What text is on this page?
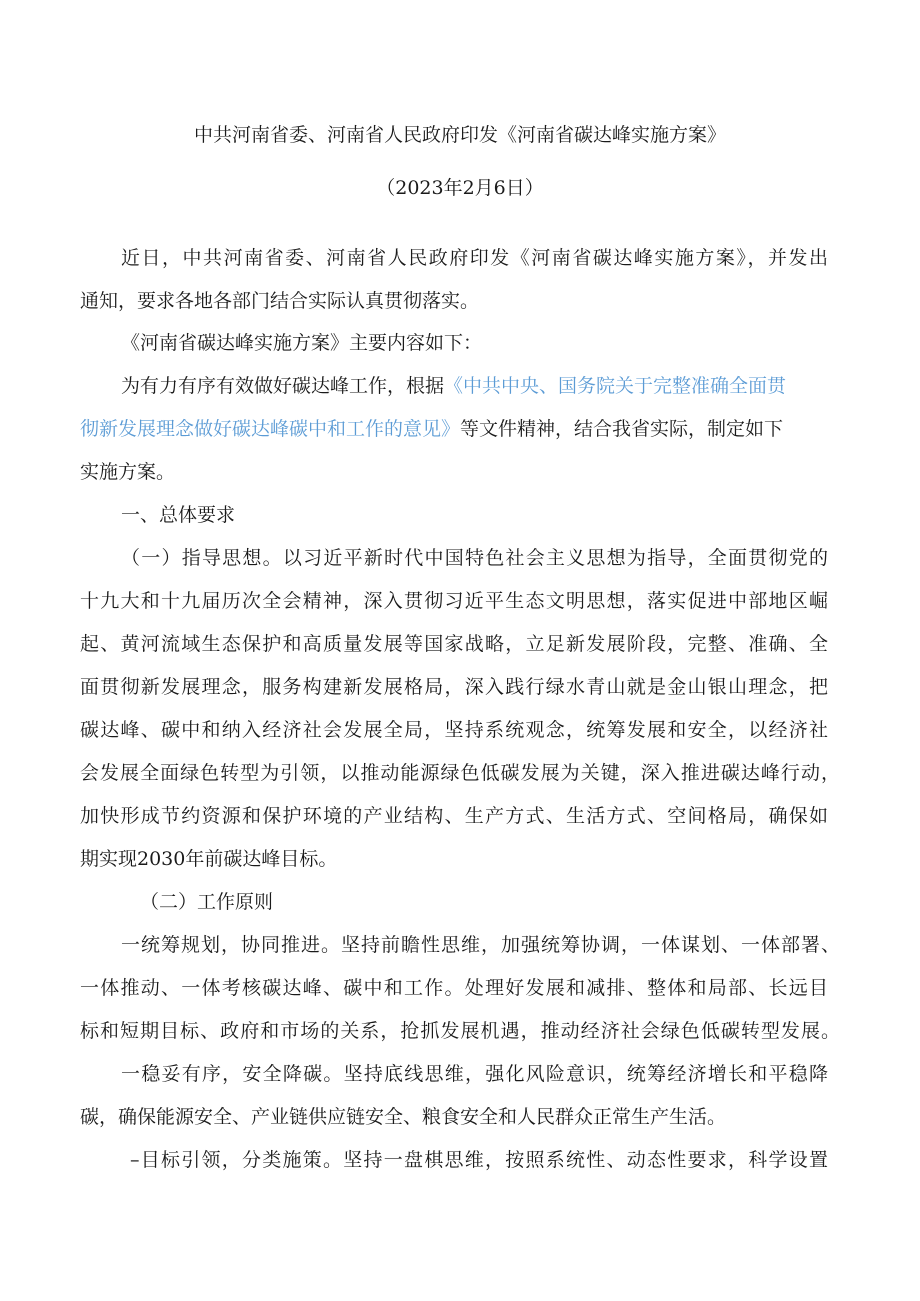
中共河南省委、河南省人民政府印发《河南省碳达峰实施方案》
（2023年2月6日）
近日，中共河南省委、河南省人民政府印发《河南省碳达峰实施方案》，并发出
通知，要求各地各部门结合实际认真贯彻落实。
《河南省碳达峰实施方案》主要内容如下：
为有力有序有效做好碳达峰工作，根据《中共中央、国务院关于完整准确全面贯
彻新发展理念做好碳达峰碳中和工作的意见》等文件精神，结合我省实际，制定如下
实施方案。
一、总体要求
（一）指导思想。以习近平新时代中国特色社会主义思想为指导，全面贯彻党的
十九大和十九届历次全会精神，深入贯彻习近平生态文明思想，落实促进中部地区崛
起、黄河流域生态保护和高质量发展等国家战略，立足新发展阶段，完整、准确、全
面贯彻新发展理念，服务构建新发展格局，深入践行绿水青山就是金山银山理念，把
碳达峰、碳中和纳入经济社会发展全局，坚持系统观念，统筹发展和安全，以经济社
会发展全面绿色转型为引领，以推动能源绿色低碳发展为关键，深入推进碳达峰行动，
加快形成节约资源和保护环境的产业结构、生产方式、生活方式、空间格局，确保如
期实现2030年前碳达峰目标。
（二）工作原则
一统筹规划，协同推进。坚持前瞻性思维，加强统筹协调，一体谋划、一体部署、
一体推动、一体考核碳达峰、碳中和工作。处理好发展和减排、整体和局部、长远目
标和短期目标、政府和市场的关系，抢抓发展机遇，推动经济社会绿色低碳转型发展。
一稳妥有序，安全降碳。坚持底线思维，强化风险意识，统筹经济增长和平稳降
碳，确保能源安全、产业链供应链安全、粮食安全和人民群众正常生产生活。
–目标引领，分类施策。坚持一盘棋思维，按照系统性、动态性要求，科学设置
